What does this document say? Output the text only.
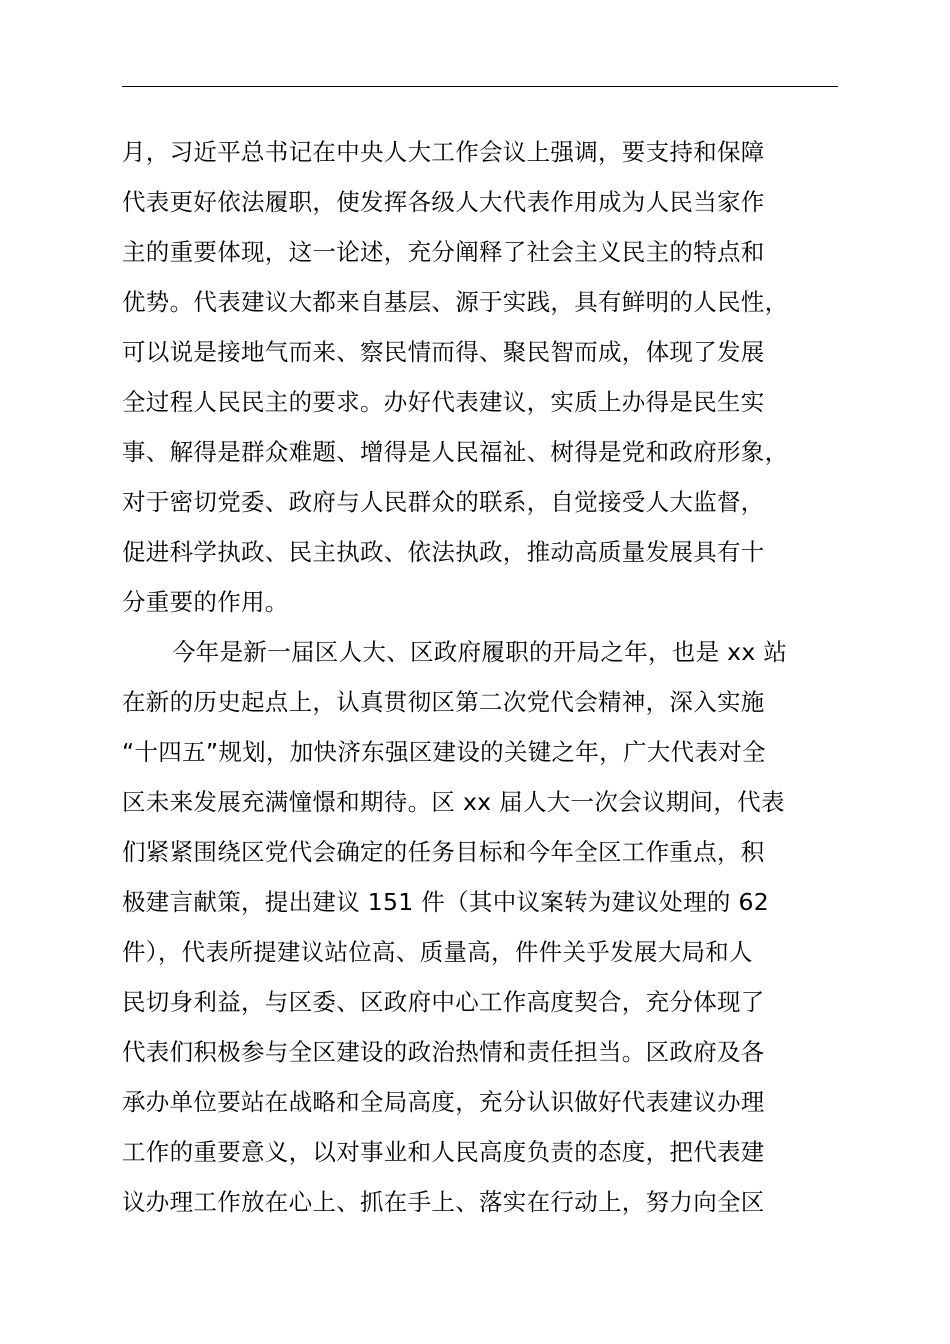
月，习近平总书记在中央人大工作会议上强调，要支持和保障
代表更好依法履职，使发挥各级人大代表作用成为人民当家作
主的重要体现，这一论述，充分阐释了社会主义民主的特点和
优势。代表建议大都来自基层、源于实践，具有鲜明的人民性，
可以说是接地气而来、察民情而得、聚民智而成，体现了发展
全过程人民民主的要求。办好代表建议，实质上办得是民生实
事、解得是群众难题、增得是人民福祉、树得是党和政府形象，
对于密切党委、政府与人民群众的联系，自觉接受人大监督，
促进科学执政、民主执政、依法执政，推动高质量发展具有十
分重要的作用。
今年是新一届区人大、区政府履职的开局之年，也是 xx 站
在新的历史起点上，认真贯彻区第二次党代会精神，深入实施
“十四五”规划，加快济东强区建设的关键之年，广大代表对全
区未来发展充满憧憬和期待。区 xx 届人大一次会议期间，代表
们紧紧围绕区党代会确定的任务目标和今年全区工作重点，积
极建言献策，提出建议 151 件（其中议案转为建议处理的 62
件），代表所提建议站位高、质量高，件件关乎发展大局和人
民切身利益，与区委、区政府中心工作高度契合，充分体现了
代表们积极参与全区建设的政治热情和责任担当。区政府及各
承办单位要站在战略和全局高度，充分认识做好代表建议办理
工作的重要意义，以对事业和人民高度负责的态度，把代表建
议办理工作放在心上、抓在手上、落实在行动上，努力向全区
